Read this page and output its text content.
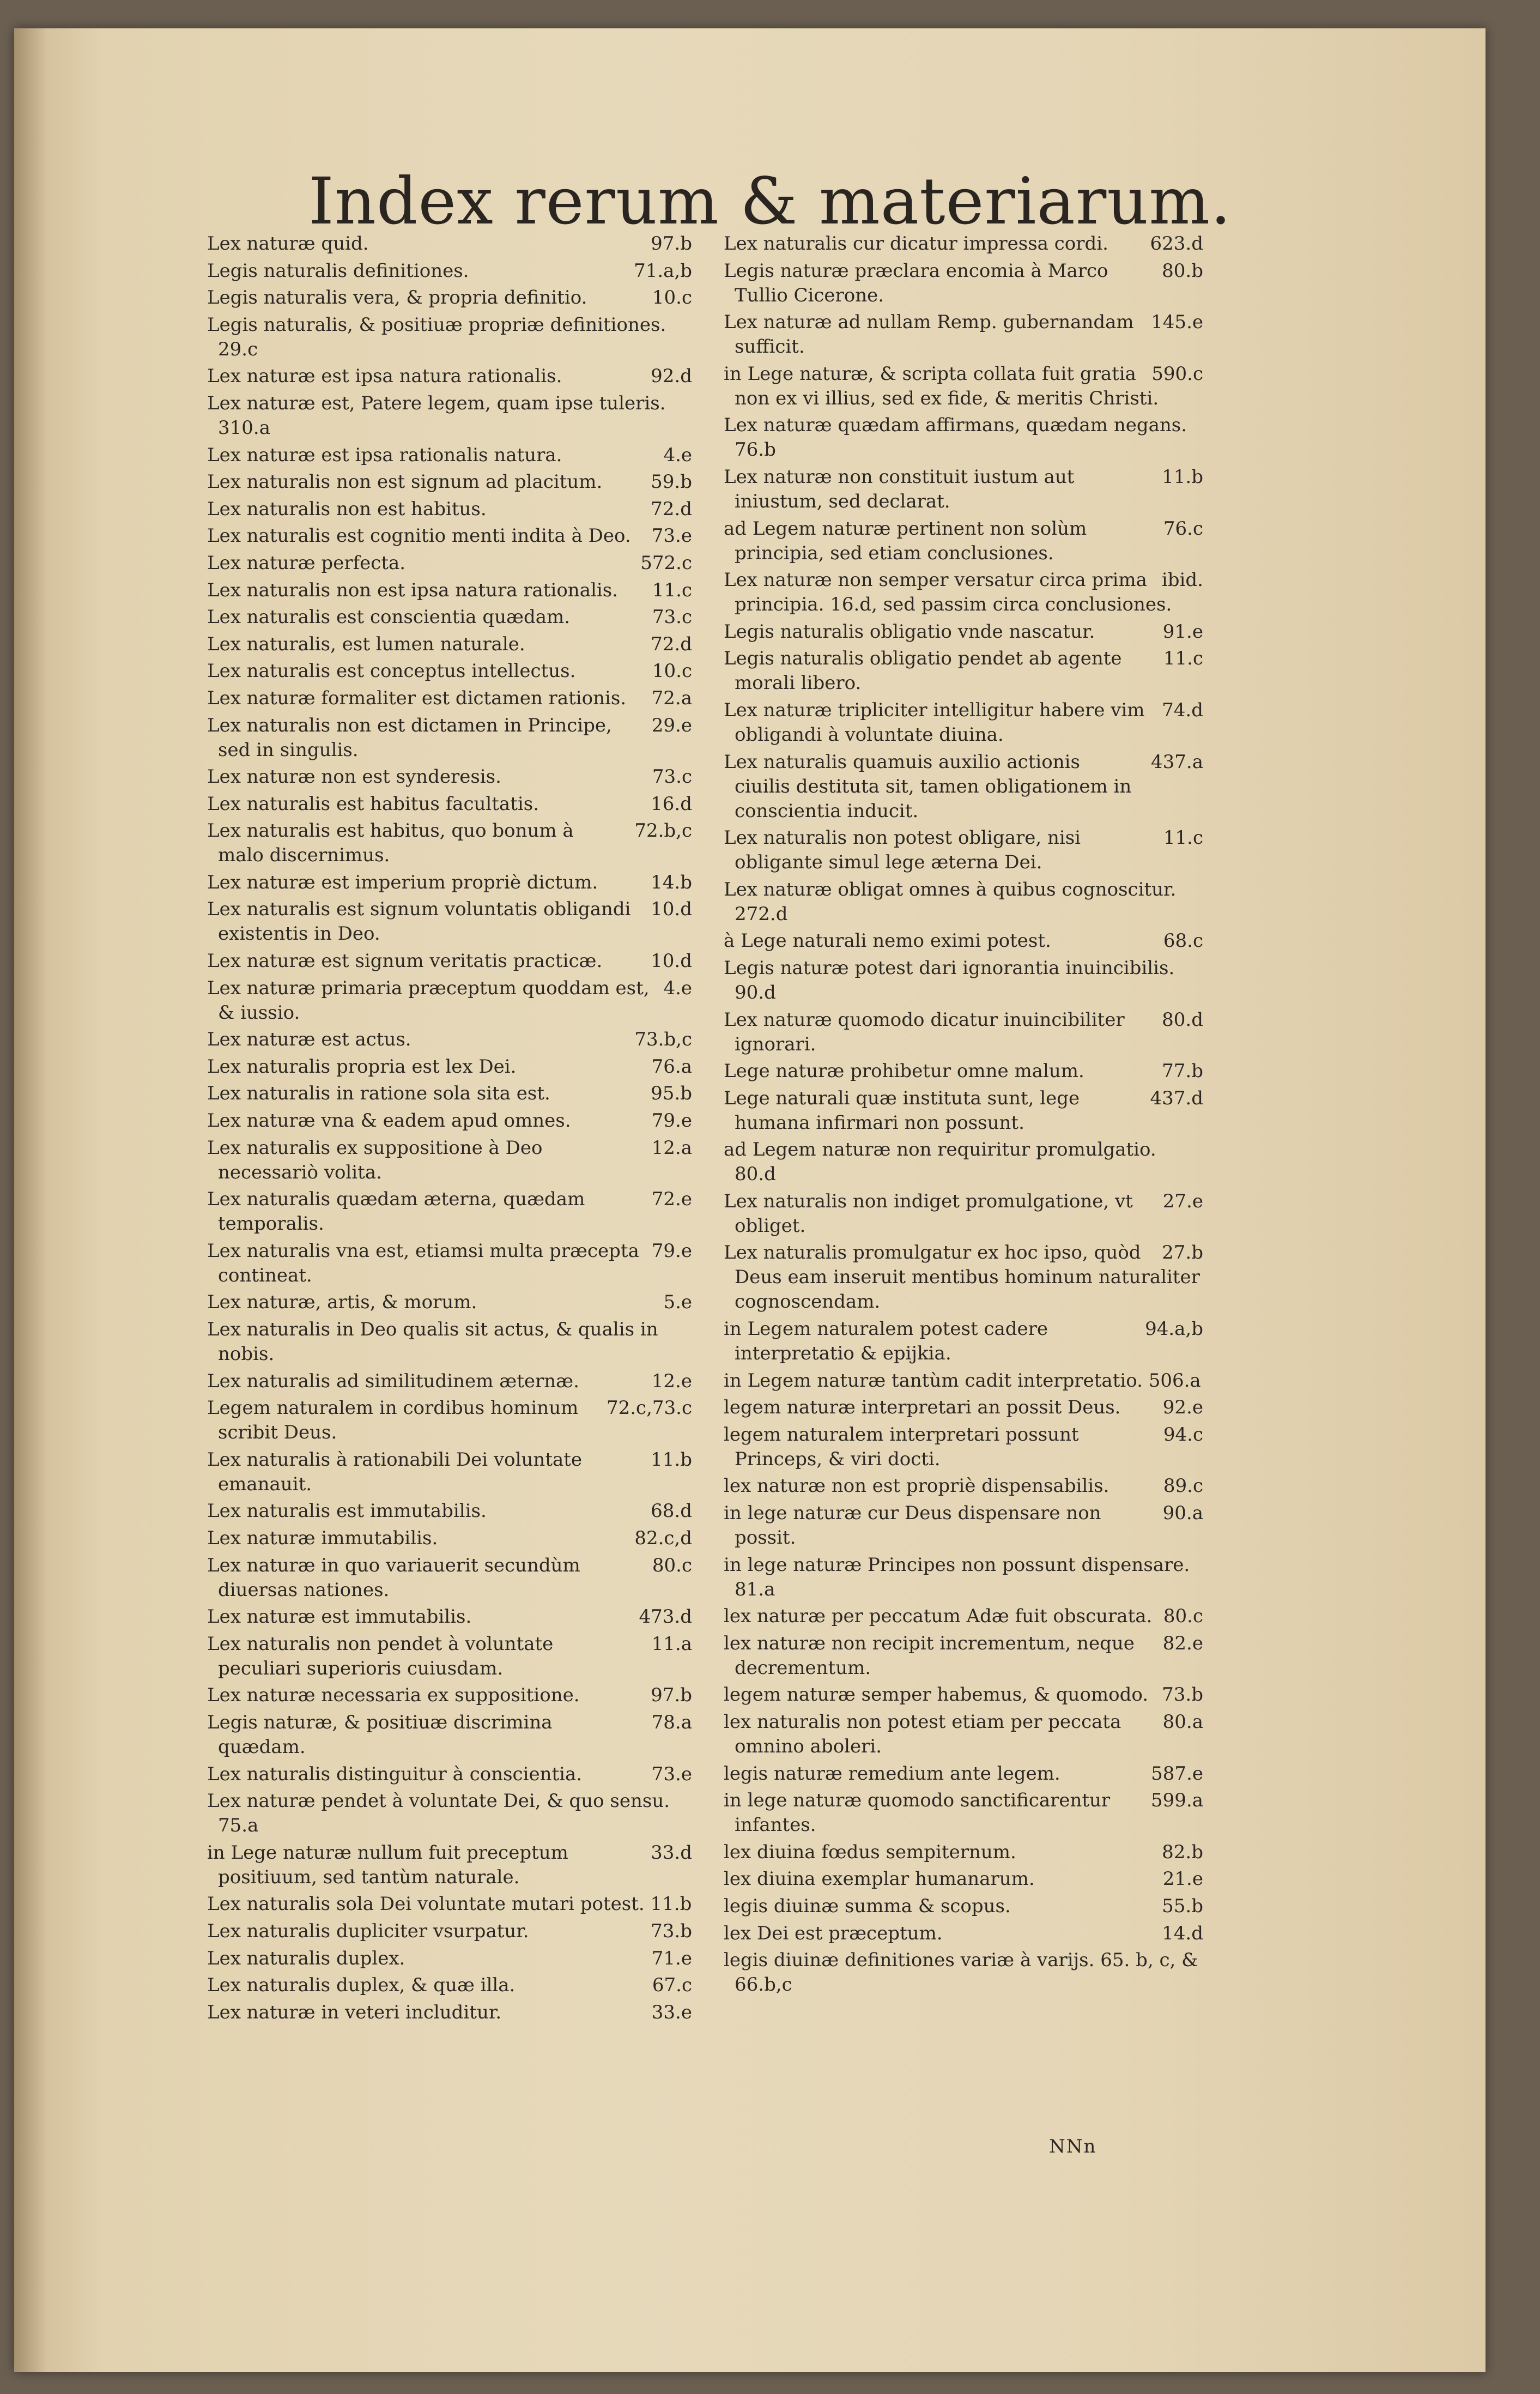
Index rerum & materiarum.
97.b
Lex naturæ quid.
71.a,b
Legis naturalis definitiones.
10.c
Legis naturalis vera, & propria definitio.
Legis naturalis, & positiuæ propriæ definitiones. 29.c
92.d
Lex naturæ est ipsa natura rationalis.
Lex naturæ est, Patere legem, quam ipse tuleris. 310.a
4.e
Lex naturæ est ipsa rationalis natura.
59.b
Lex naturalis non est signum ad placitum.
72.d
Lex naturalis non est habitus.
73.e
Lex naturalis est cognitio menti indita à Deo.
572.c
Lex naturæ perfecta.
11.c
Lex naturalis non est ipsa natura rationalis.
73.c
Lex naturalis est conscientia quædam.
72.d
Lex naturalis, est lumen naturale.
10.c
Lex naturalis est conceptus intellectus.
72.a
Lex naturæ formaliter est dictamen rationis.
29.e
Lex naturalis non est dictamen in Principe, sed in singulis.
73.c
Lex naturæ non est synderesis.
16.d
Lex naturalis est habitus facultatis.
72.b,c
Lex naturalis est habitus, quo bonum à malo discernimus.
14.b
Lex naturæ est imperium propriè dictum.
10.d
Lex naturalis est signum voluntatis obligandi existentis in Deo.
10.d
Lex naturæ est signum veritatis practicæ.
4.e
Lex naturæ primaria præceptum quoddam est, & iussio.
73.b,c
Lex naturæ est actus.
76.a
Lex naturalis propria est lex Dei.
95.b
Lex naturalis in ratione sola sita est.
79.e
Lex naturæ vna & eadem apud omnes.
12.a
Lex naturalis ex suppositione à Deo necessariò volita.
72.e
Lex naturalis quædam æterna, quædam temporalis.
79.e
Lex naturalis vna est, etiamsi multa præcepta contineat.
5.e
Lex naturæ, artis, & morum.
Lex naturalis in Deo qualis sit actus, & qualis in nobis.
12.e
Lex naturalis ad similitudinem æternæ.
72.c,73.c
Legem naturalem in cordibus hominum scribit Deus.
11.b
Lex naturalis à rationabili Dei voluntate emanauit.
68.d
Lex naturalis est immutabilis.
82.c,d
Lex naturæ immutabilis.
80.c
Lex naturæ in quo variauerit secundùm diuersas nationes.
473.d
Lex naturæ est immutabilis.
11.a
Lex naturalis non pendet à voluntate peculiari superioris cuiusdam.
97.b
Lex naturæ necessaria ex suppositione.
78.a
Legis naturæ, & positiuæ discrimina quædam.
73.e
Lex naturalis distinguitur à conscientia.
Lex naturæ pendet à voluntate Dei, & quo sensu. 75.a
33.d
in Lege naturæ nullum fuit preceptum positiuum, sed tantùm naturale.
Lex naturalis sola Dei voluntate mutari potest. 11.b
73.b
Lex naturalis dupliciter vsurpatur.
71.e
Lex naturalis duplex.
67.c
Lex naturalis duplex, & quæ illa.
33.e
Lex naturæ in veteri includitur.
623.d
Lex naturalis cur dicatur impressa cordi.
80.b
Legis naturæ præclara encomia à Marco Tullio Cicerone.
145.e
Lex naturæ ad nullam Remp. gubernandam sufficit.
590.c
in Lege naturæ, & scripta collata fuit gratia non ex vi illius, sed ex fide, & meritis Christi.
Lex naturæ quædam affirmans, quædam negans. 76.b
11.b
Lex naturæ non constituit iustum aut iniustum, sed declarat.
76.c
ad Legem naturæ pertinent non solùm principia, sed etiam conclusiones.
ibid.
Lex naturæ non semper versatur circa prima principia. 16.d, sed passim circa conclusiones.
91.e
Legis naturalis obligatio vnde nascatur.
11.c
Legis naturalis obligatio pendet ab agente morali libero.
74.d
Lex naturæ tripliciter intelligitur habere vim obligandi à voluntate diuina.
437.a
Lex naturalis quamuis auxilio actionis ciuilis destituta sit, tamen obligationem in conscientia inducit.
11.c
Lex naturalis non potest obligare, nisi obligante simul lege æterna Dei.
Lex naturæ obligat omnes à quibus cognoscitur. 272.d
68.c
à Lege naturali nemo eximi potest.
Legis naturæ potest dari ignorantia inuincibilis. 90.d
80.d
Lex naturæ quomodo dicatur inuincibiliter ignorari.
77.b
Lege naturæ prohibetur omne malum.
437.d
Lege naturali quæ instituta sunt, lege humana infirmari non possunt.
ad Legem naturæ non requiritur promulgatio. 80.d
27.e
Lex naturalis non indiget promulgatione, vt obliget.
27.b
Lex naturalis promulgatur ex hoc ipso, quòd Deus eam inseruit mentibus hominum naturaliter cognoscendam.
94.a,b
in Legem naturalem potest cadere interpretatio & epijkia.
in Legem naturæ tantùm cadit interpretatio. 506.a
92.e
legem naturæ interpretari an possit Deus.
94.c
legem naturalem interpretari possunt Princeps, & viri docti.
89.c
lex naturæ non est propriè dispensabilis.
90.a
in lege naturæ cur Deus dispensare non possit.
in lege naturæ Principes non possunt dispensare. 81.a
80.c
lex naturæ per peccatum Adæ fuit obscurata.
82.e
lex naturæ non recipit incrementum, neque decrementum.
73.b
legem naturæ semper habemus, & quomodo.
80.a
lex naturalis non potest etiam per peccata omnino aboleri.
587.e
legis naturæ remedium ante legem.
599.a
in lege naturæ quomodo sanctificarentur infantes.
82.b
lex diuina fœdus sempiternum.
21.e
lex diuina exemplar humanarum.
55.b
legis diuinæ summa & scopus.
14.d
lex Dei est præceptum.
legis diuinæ definitiones variæ à varijs. 65. b, c, & 66.b,c
NNn
